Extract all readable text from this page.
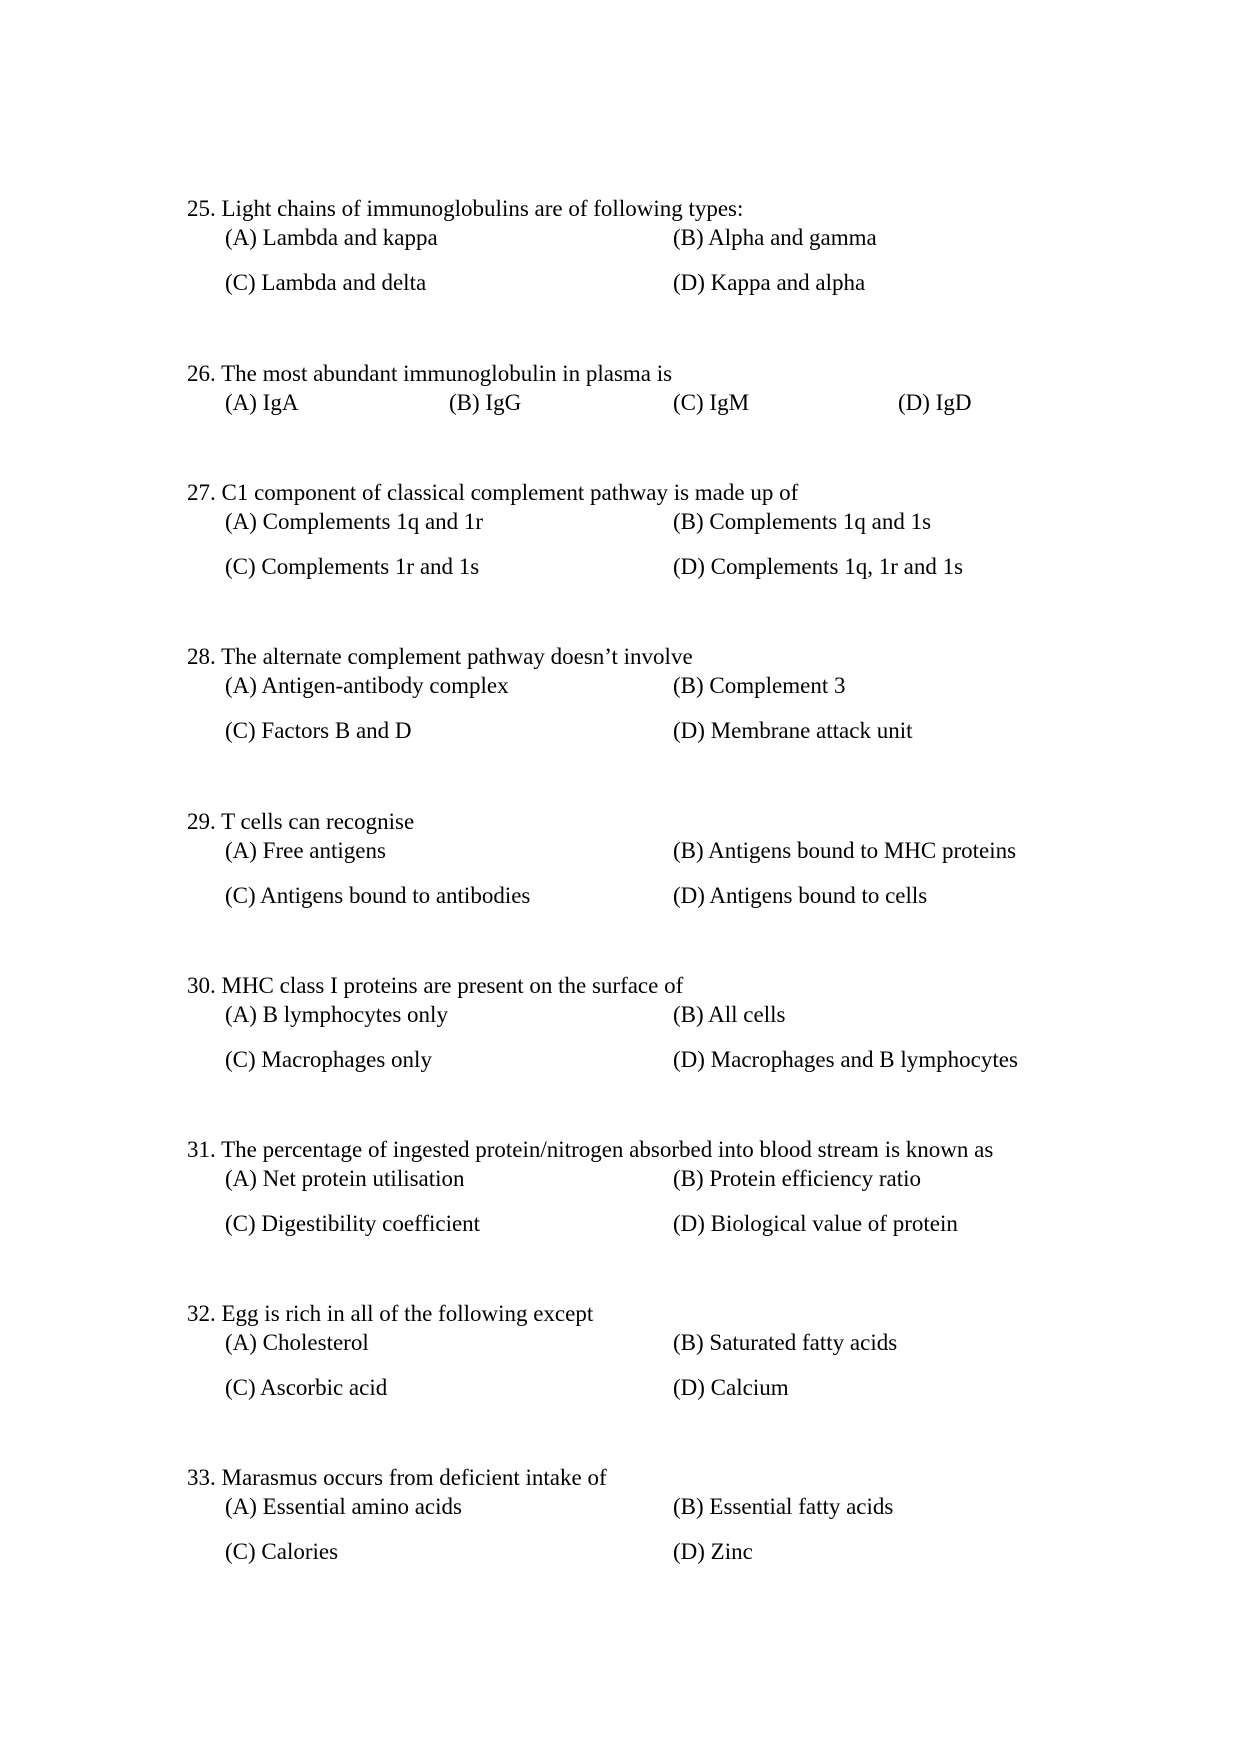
25. Light chains of immunoglobulins are of following types:
(A) Lambda and kappa	(B) Alpha and gamma
(C) Lambda and delta	(D) Kappa and alpha
26. The most abundant immunoglobulin in plasma is
(A) IgA	(B) IgG	(C) IgM	(D) IgD
27. C1 component of classical complement pathway is made up of
(A) Complements 1q and 1r	(B) Complements 1q and 1s
(C) Complements 1r and 1s	(D) Complements 1q, 1r and 1s
28. The alternate complement pathway doesn’t involve
(A) Antigen-antibody complex	(B) Complement 3
(C) Factors B and D	(D) Membrane attack unit
29. T cells can recognise
(A) Free antigens	(B) Antigens bound to MHC proteins
(C) Antigens bound to antibodies	(D) Antigens bound to cells
30. MHC class I proteins are present on the surface of
(A) B lymphocytes only	(B) All cells
(C) Macrophages only	(D) Macrophages and B lymphocytes
31. The percentage of ingested protein/nitrogen absorbed into blood stream is known as
(A) Net protein utilisation	(B) Protein efficiency ratio
(C) Digestibility coefficient	(D) Biological value of protein
32. Egg is rich in all of the following except
(A) Cholesterol	(B) Saturated fatty acids
(C) Ascorbic acid	(D) Calcium
33. Marasmus occurs from deficient intake of
(A) Essential amino acids	(B) Essential fatty acids
(C) Calories	(D) Zinc
